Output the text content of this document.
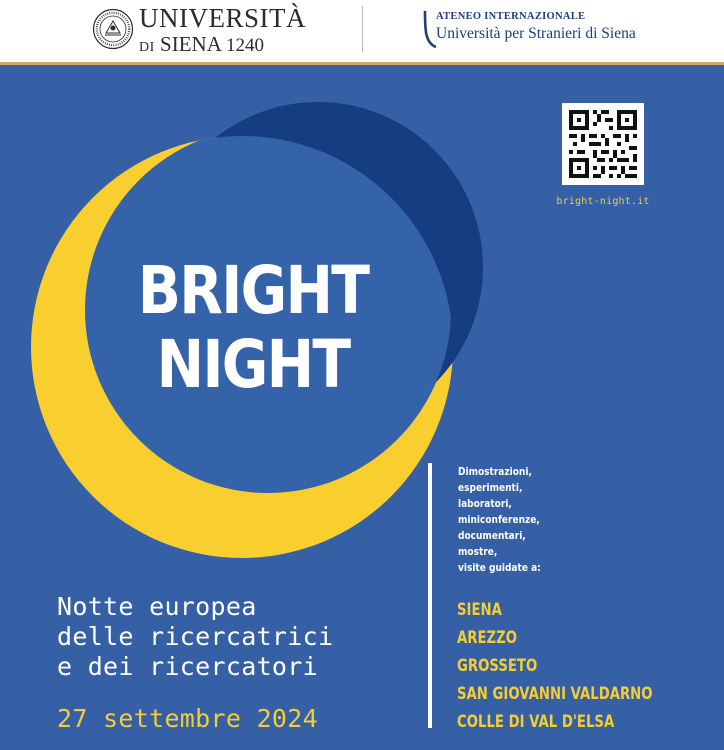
UNIVERSITÀ
DI SIENA 1240
ATENEO INTERNAZIONALE
Università per Stranieri di Siena
BRIGHT
NIGHT
bright-night.it
Notte europea
delle ricercatrici
e dei ricercatori
27 settembre 2024
Dimostrazioni,
esperimenti,
laboratori,
miniconferenze,
documentari,
mostre,
visite guidate a:
SIENA
AREZZO
GROSSETO
SAN GIOVANNI VALDARNO
COLLE DI VAL D'ELSA
